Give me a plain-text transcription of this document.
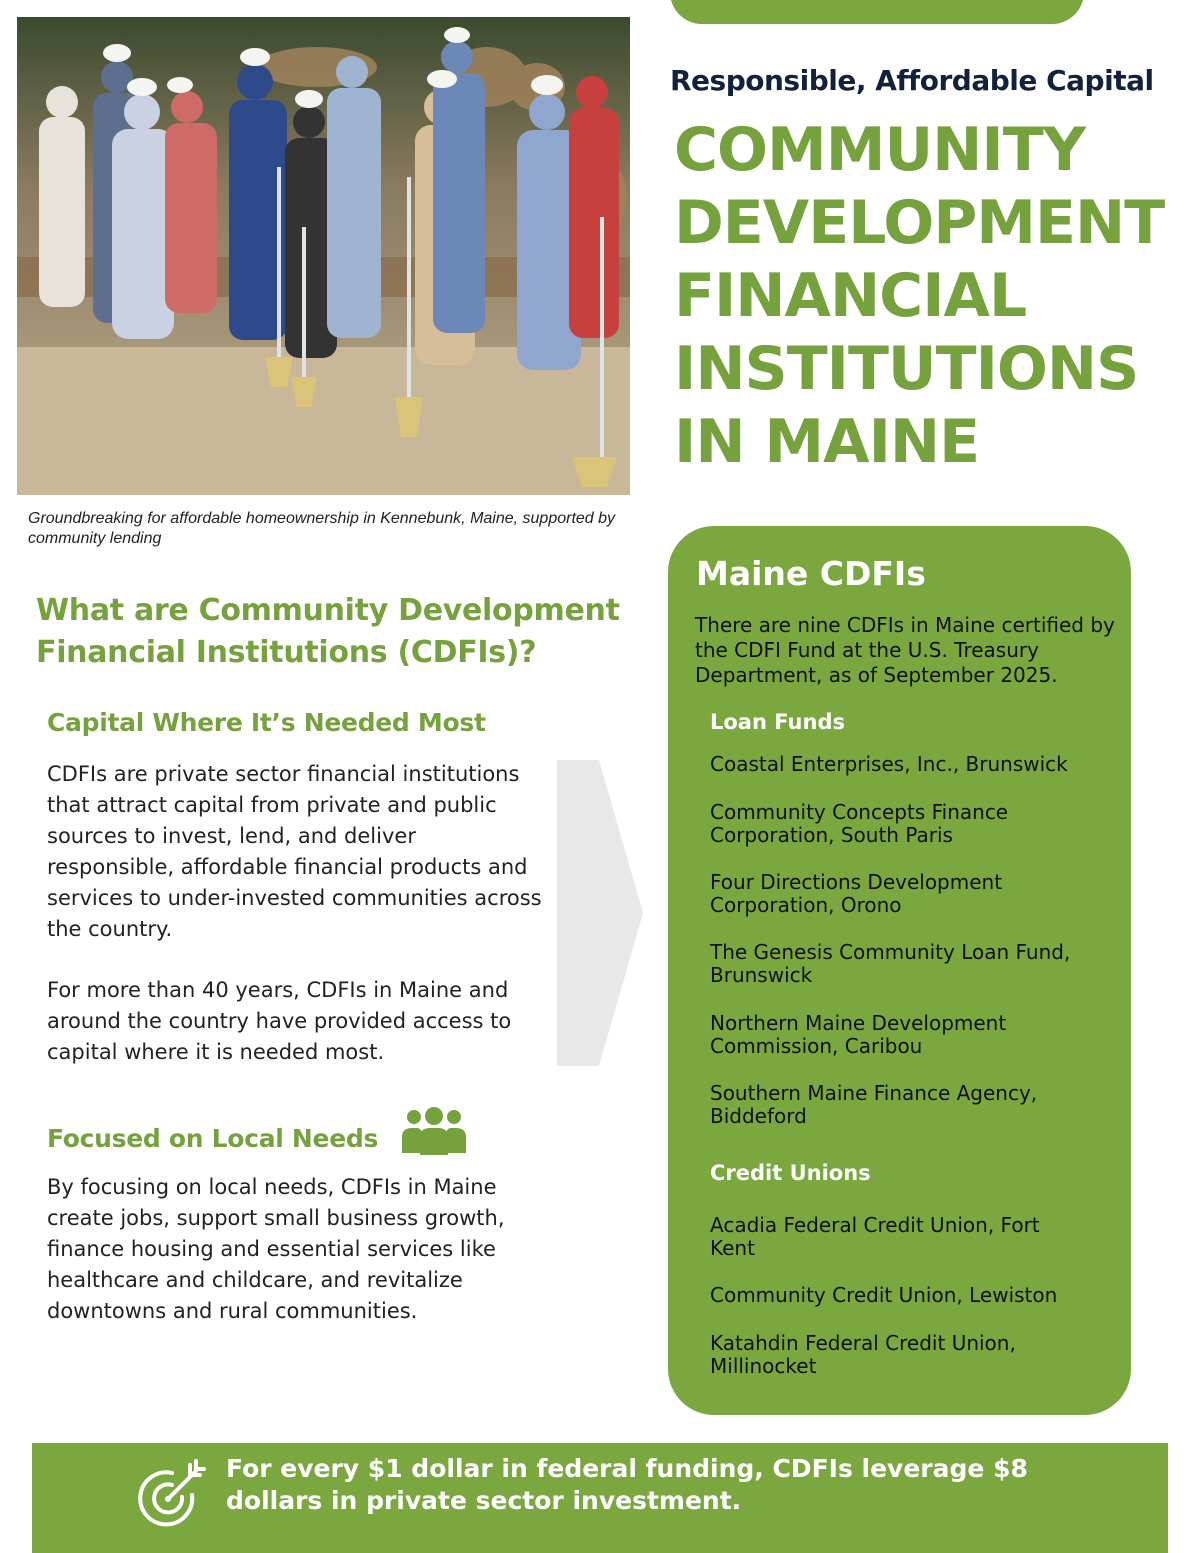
Groundbreaking for affordable homeownership in Kennebunk, Maine, supported by community lending
Responsible, Affordable Capital
COMMUNITY
DEVELOPMENT
FINANCIAL
INSTITUTIONS
IN MAINE
What are Community Development Financial Institutions (CDFIs)?
Capital Where It’s Needed Most
CDFIs are private sector financial institutions that attract capital from private and public sources to invest, lend, and deliver responsible, affordable financial products and services to under-invested communities across the country.
For more than 40 years, CDFIs in Maine and around the country have provided access to capital where it is needed most.
Focused on Local Needs
By focusing on local needs, CDFIs in Maine create jobs, support small business growth, finance housing and essential services like healthcare and childcare, and revitalize downtowns and rural communities.
Maine CDFIs
There are nine CDFIs in Maine certified by the CDFI Fund at the U.S. Treasury Department, as of September 2025.
Loan Funds
Coastal Enterprises, Inc., Brunswick
Community Concepts Finance Corporation, South Paris
Four Directions Development Corporation, Orono
The Genesis Community Loan Fund, Brunswick
Northern Maine Development Commission, Caribou
Southern Maine Finance Agency, Biddeford
Credit Unions
Acadia Federal Credit Union, Fort Kent
Community Credit Union, Lewiston
Katahdin Federal Credit Union, Millinocket
For every $1 dollar in federal funding, CDFIs leverage $8 dollars in private sector investment.
